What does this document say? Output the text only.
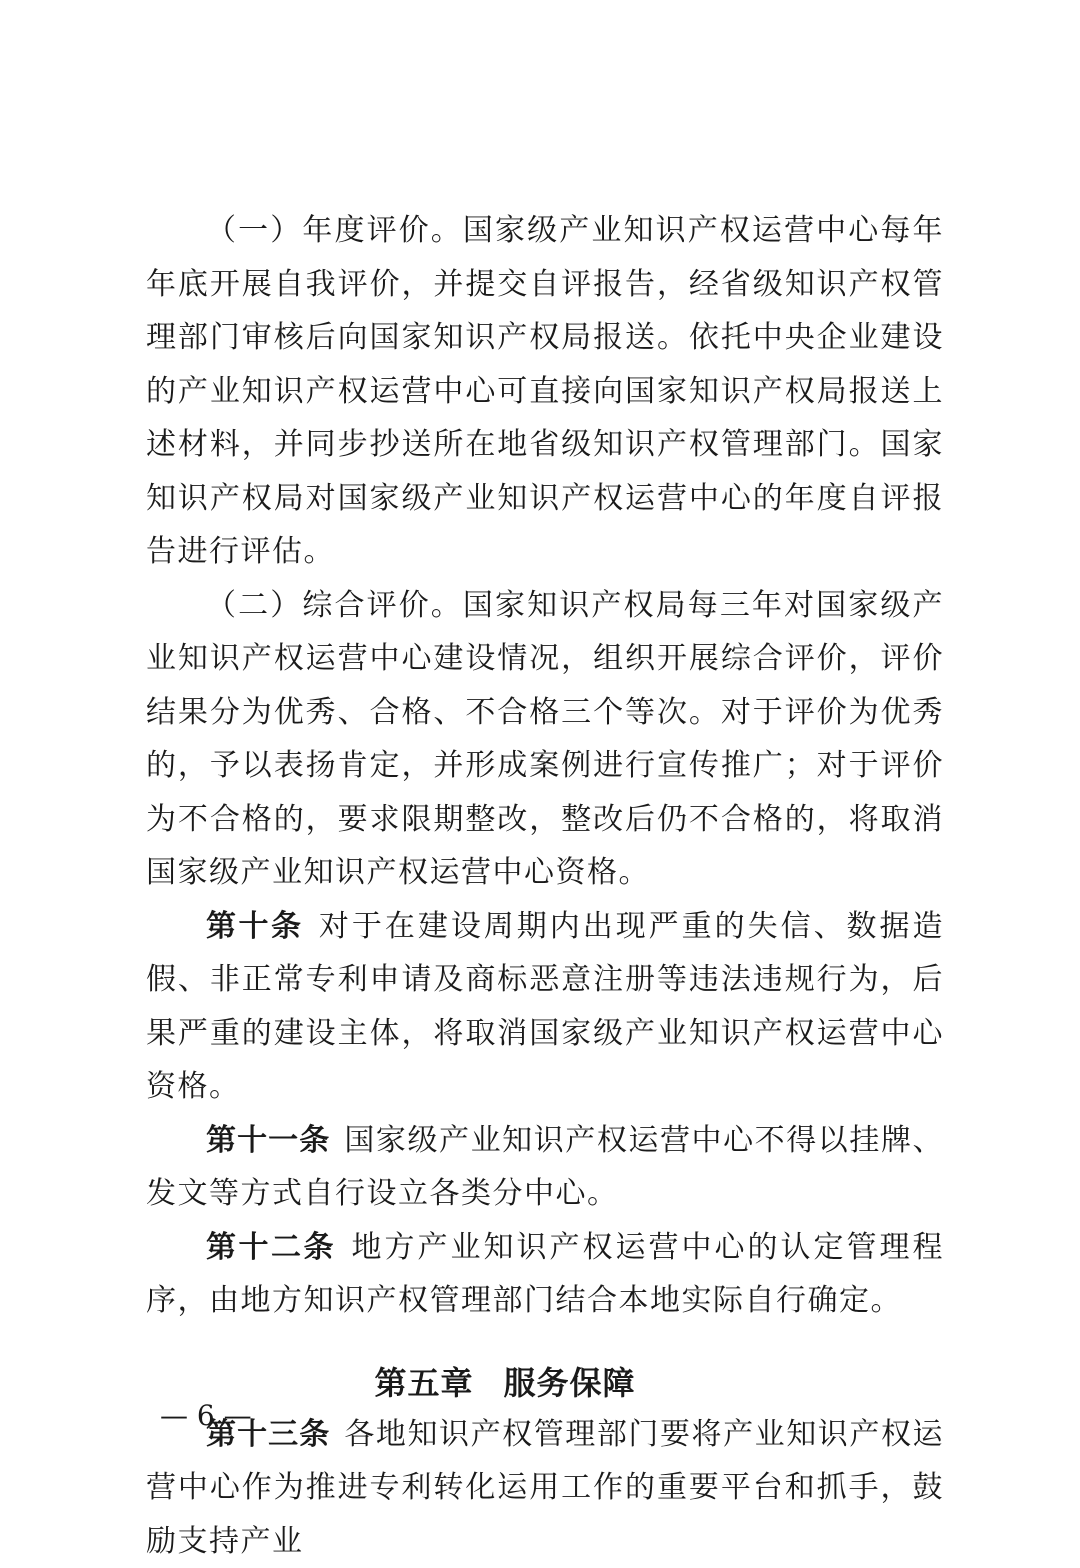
（一）年度评价。国家级产业知识产权运营中心每年年底开展自我评价，并提交自评报告，经省级知识产权管理部门审核后向国家知识产权局报送。依托中央企业建设的产业知识产权运营中心可直接向国家知识产权局报送上述材料，并同步抄送所在地省级知识产权管理部门。国家知识产权局对国家级产业知识产权运营中心的年度自评报告进行评估。

（二）综合评价。国家知识产权局每三年对国家级产业知识产权运营中心建设情况，组织开展综合评价，评价结果分为优秀、合格、不合格三个等次。对于评价为优秀的，予以表扬肯定，并形成案例进行宣传推广；对于评价为不合格的，要求限期整改，整改后仍不合格的，将取消国家级产业知识产权运营中心资格。

第十条 对于在建设周期内出现严重的失信、数据造假、非正常专利申请及商标恶意注册等违法违规行为，后果严重的建设主体，将取消国家级产业知识产权运营中心资格。

第十一条 国家级产业知识产权运营中心不得以挂牌、发文等方式自行设立各类分中心。

第十二条 地方产业知识产权运营中心的认定管理程序，由地方知识产权管理部门结合本地实际自行确定。

第五章 服务保障

第十三条 各地知识产权管理部门要将产业知识产权运营中心作为推进专利转化运用工作的重要平台和抓手，鼓励支持产业

— 6 —
